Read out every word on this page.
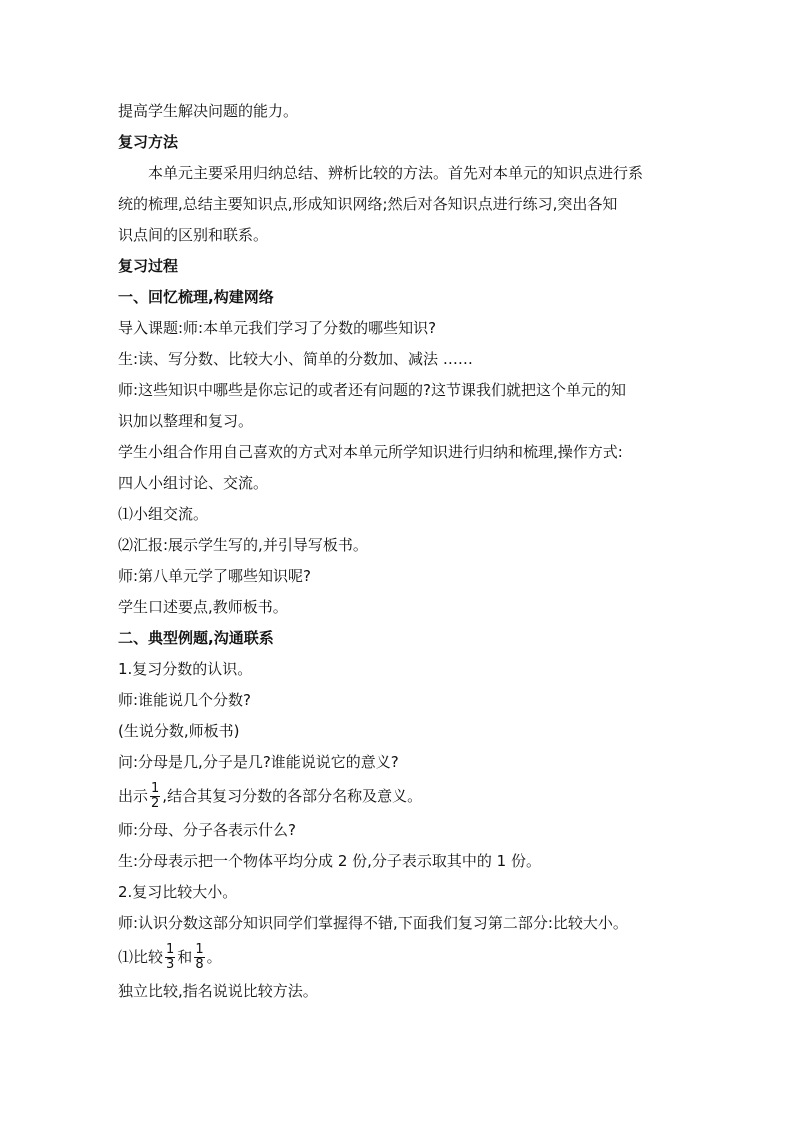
提高学生解决问题的能力。
复习方法
本单元主要采用归纳总结、辨析比较的方法。首先对本单元的知识点进行系
统的梳理,总结主要知识点,形成知识网络;然后对各知识点进行练习,突出各知
识点间的区别和联系。
复习过程
一、回忆梳理,构建网络
导入课题:师:本单元我们学习了分数的哪些知识?
生:读、写分数、比较大小、简单的分数加、减法 ……
师:这些知识中哪些是你忘记的或者还有问题的?这节课我们就把这个单元的知
识加以整理和复习。
学生小组合作用自己喜欢的方式对本单元所学知识进行归纳和梳理,操作方式:
四人小组讨论、交流。
⑴小组交流。
⑵汇报:展示学生写的,并引导写板书。
师:第八单元学了哪些知识呢?
学生口述要点,教师板书。
二、典型例题,沟通联系
1.复习分数的认识。
师:谁能说几个分数?
(生说分数,师板书)
问:分母是几,分子是几?谁能说说它的意义?
出示 $\frac{1}{2}$ ,结合其复习分数的各部分名称及意义。
师:分母、分子各表示什么?
生:分母表示把一个物体平均分成 2 份,分子表示取其中的 1 份。
2.复习比较大小。
师:认识分数这部分知识同学们掌握得不错,下面我们复习第二部分:比较大小。
⑴比较 $\frac{1}{3}$ 和 $\frac{1}{8}$ 。
独立比较,指名说说比较方法。
